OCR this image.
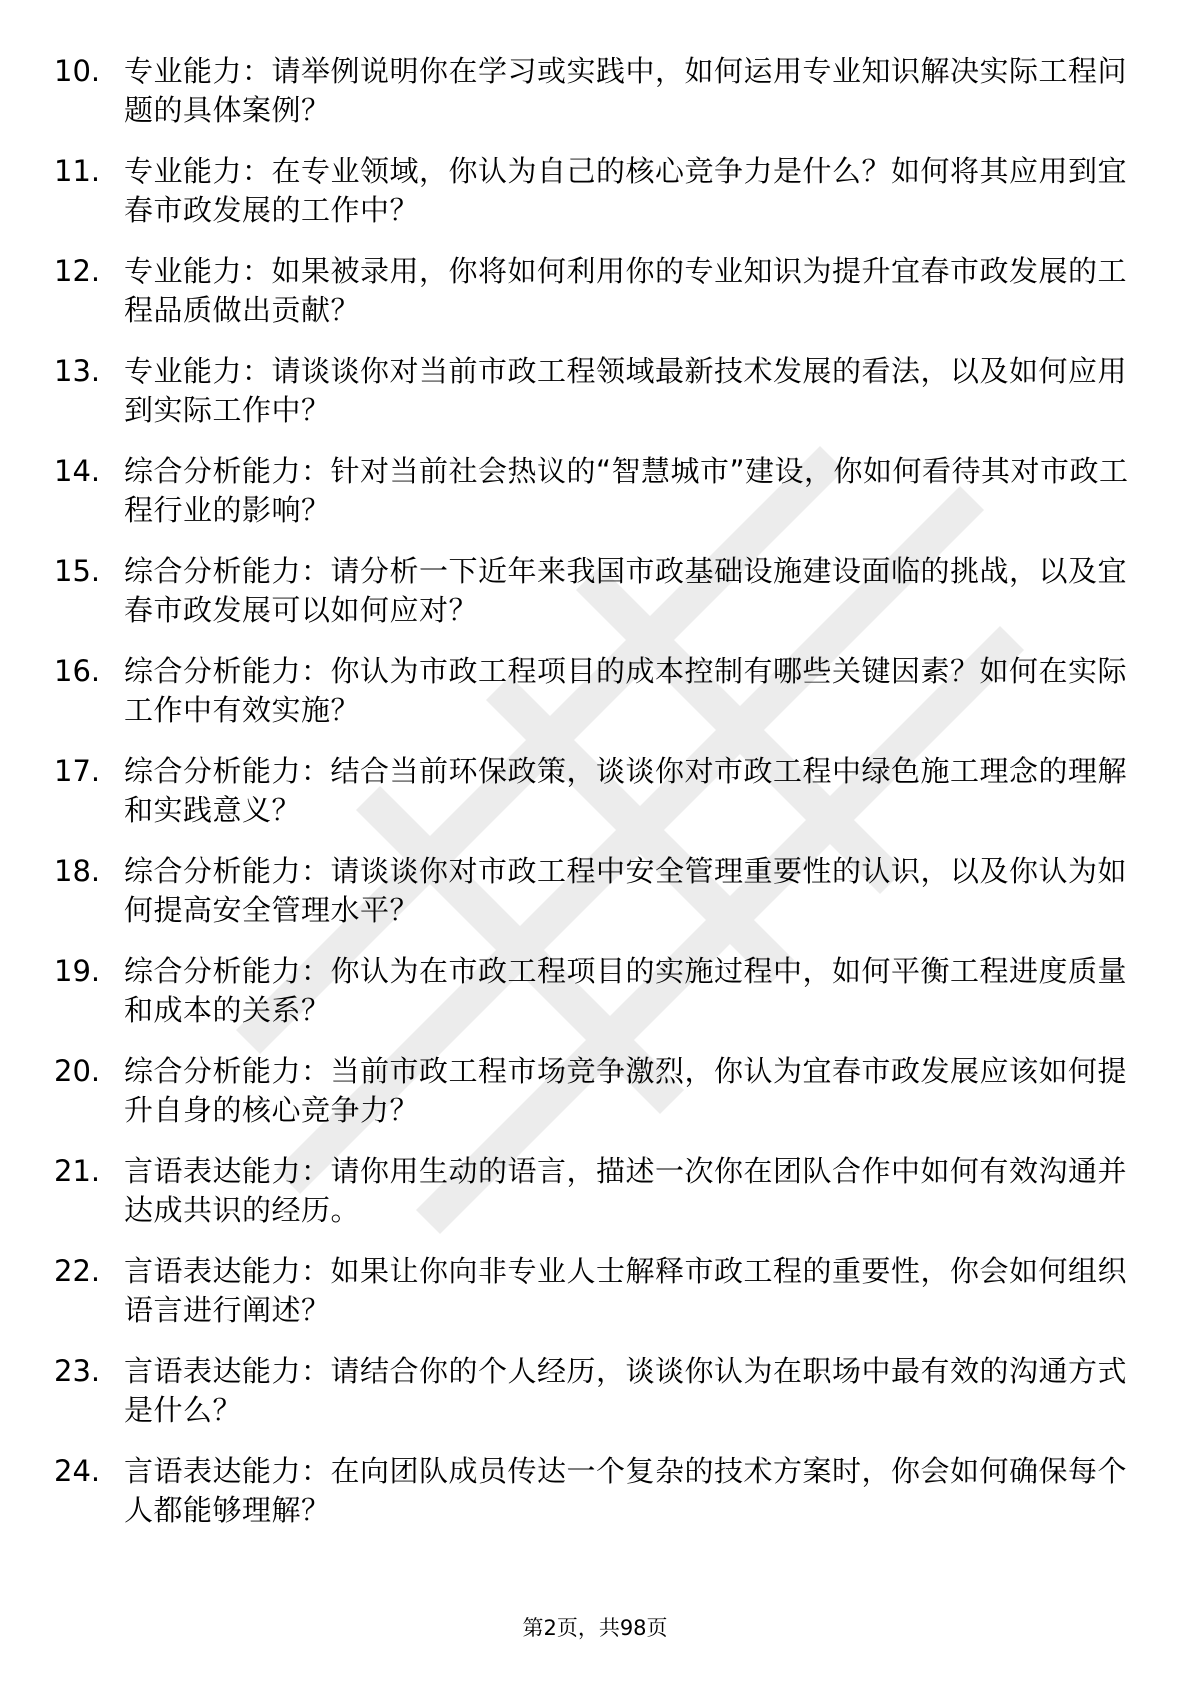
10. 专业能力：请举例说明你在学习或实践中，如何运用专业知识解决实际工程问题的具体案例？
11. 专业能力：在专业领域，你认为自己的核心竞争力是什么？如何将其应用到宜春市政发展的工作中？
12. 专业能力：如果被录用，你将如何利用你的专业知识为提升宜春市政发展的工程品质做出贡献？
13. 专业能力：请谈谈你对当前市政工程领域最新技术发展的看法，以及如何应用到实际工作中？
14. 综合分析能力：针对当前社会热议的“智慧城市”建设，你如何看待其对市政工程行业的影响？
15. 综合分析能力：请分析一下近年来我国市政基础设施建设面临的挑战，以及宜春市政发展可以如何应对？
16. 综合分析能力：你认为市政工程项目的成本控制有哪些关键因素？如何在实际工作中有效实施？
17. 综合分析能力：结合当前环保政策，谈谈你对市政工程中绿色施工理念的理解和实践意义？
18. 综合分析能力：请谈谈你对市政工程中安全管理重要性的认识，以及你认为如何提高安全管理水平？
19. 综合分析能力：你认为在市政工程项目的实施过程中，如何平衡工程进度质量和成本的关系？
20. 综合分析能力：当前市政工程市场竞争激烈，你认为宜春市政发展应该如何提升自身的核心竞争力？
21. 言语表达能力：请你用生动的语言，描述一次你在团队合作中如何有效沟通并达成共识的经历。
22. 言语表达能力：如果让你向非专业人士解释市政工程的重要性，你会如何组织语言进行阐述？
23. 言语表达能力：请结合你的个人经历，谈谈你认为在职场中最有效的沟通方式是什么？
24. 言语表达能力：在向团队成员传达一个复杂的技术方案时，你会如何确保每个人都能够理解？
第2页，共98页
